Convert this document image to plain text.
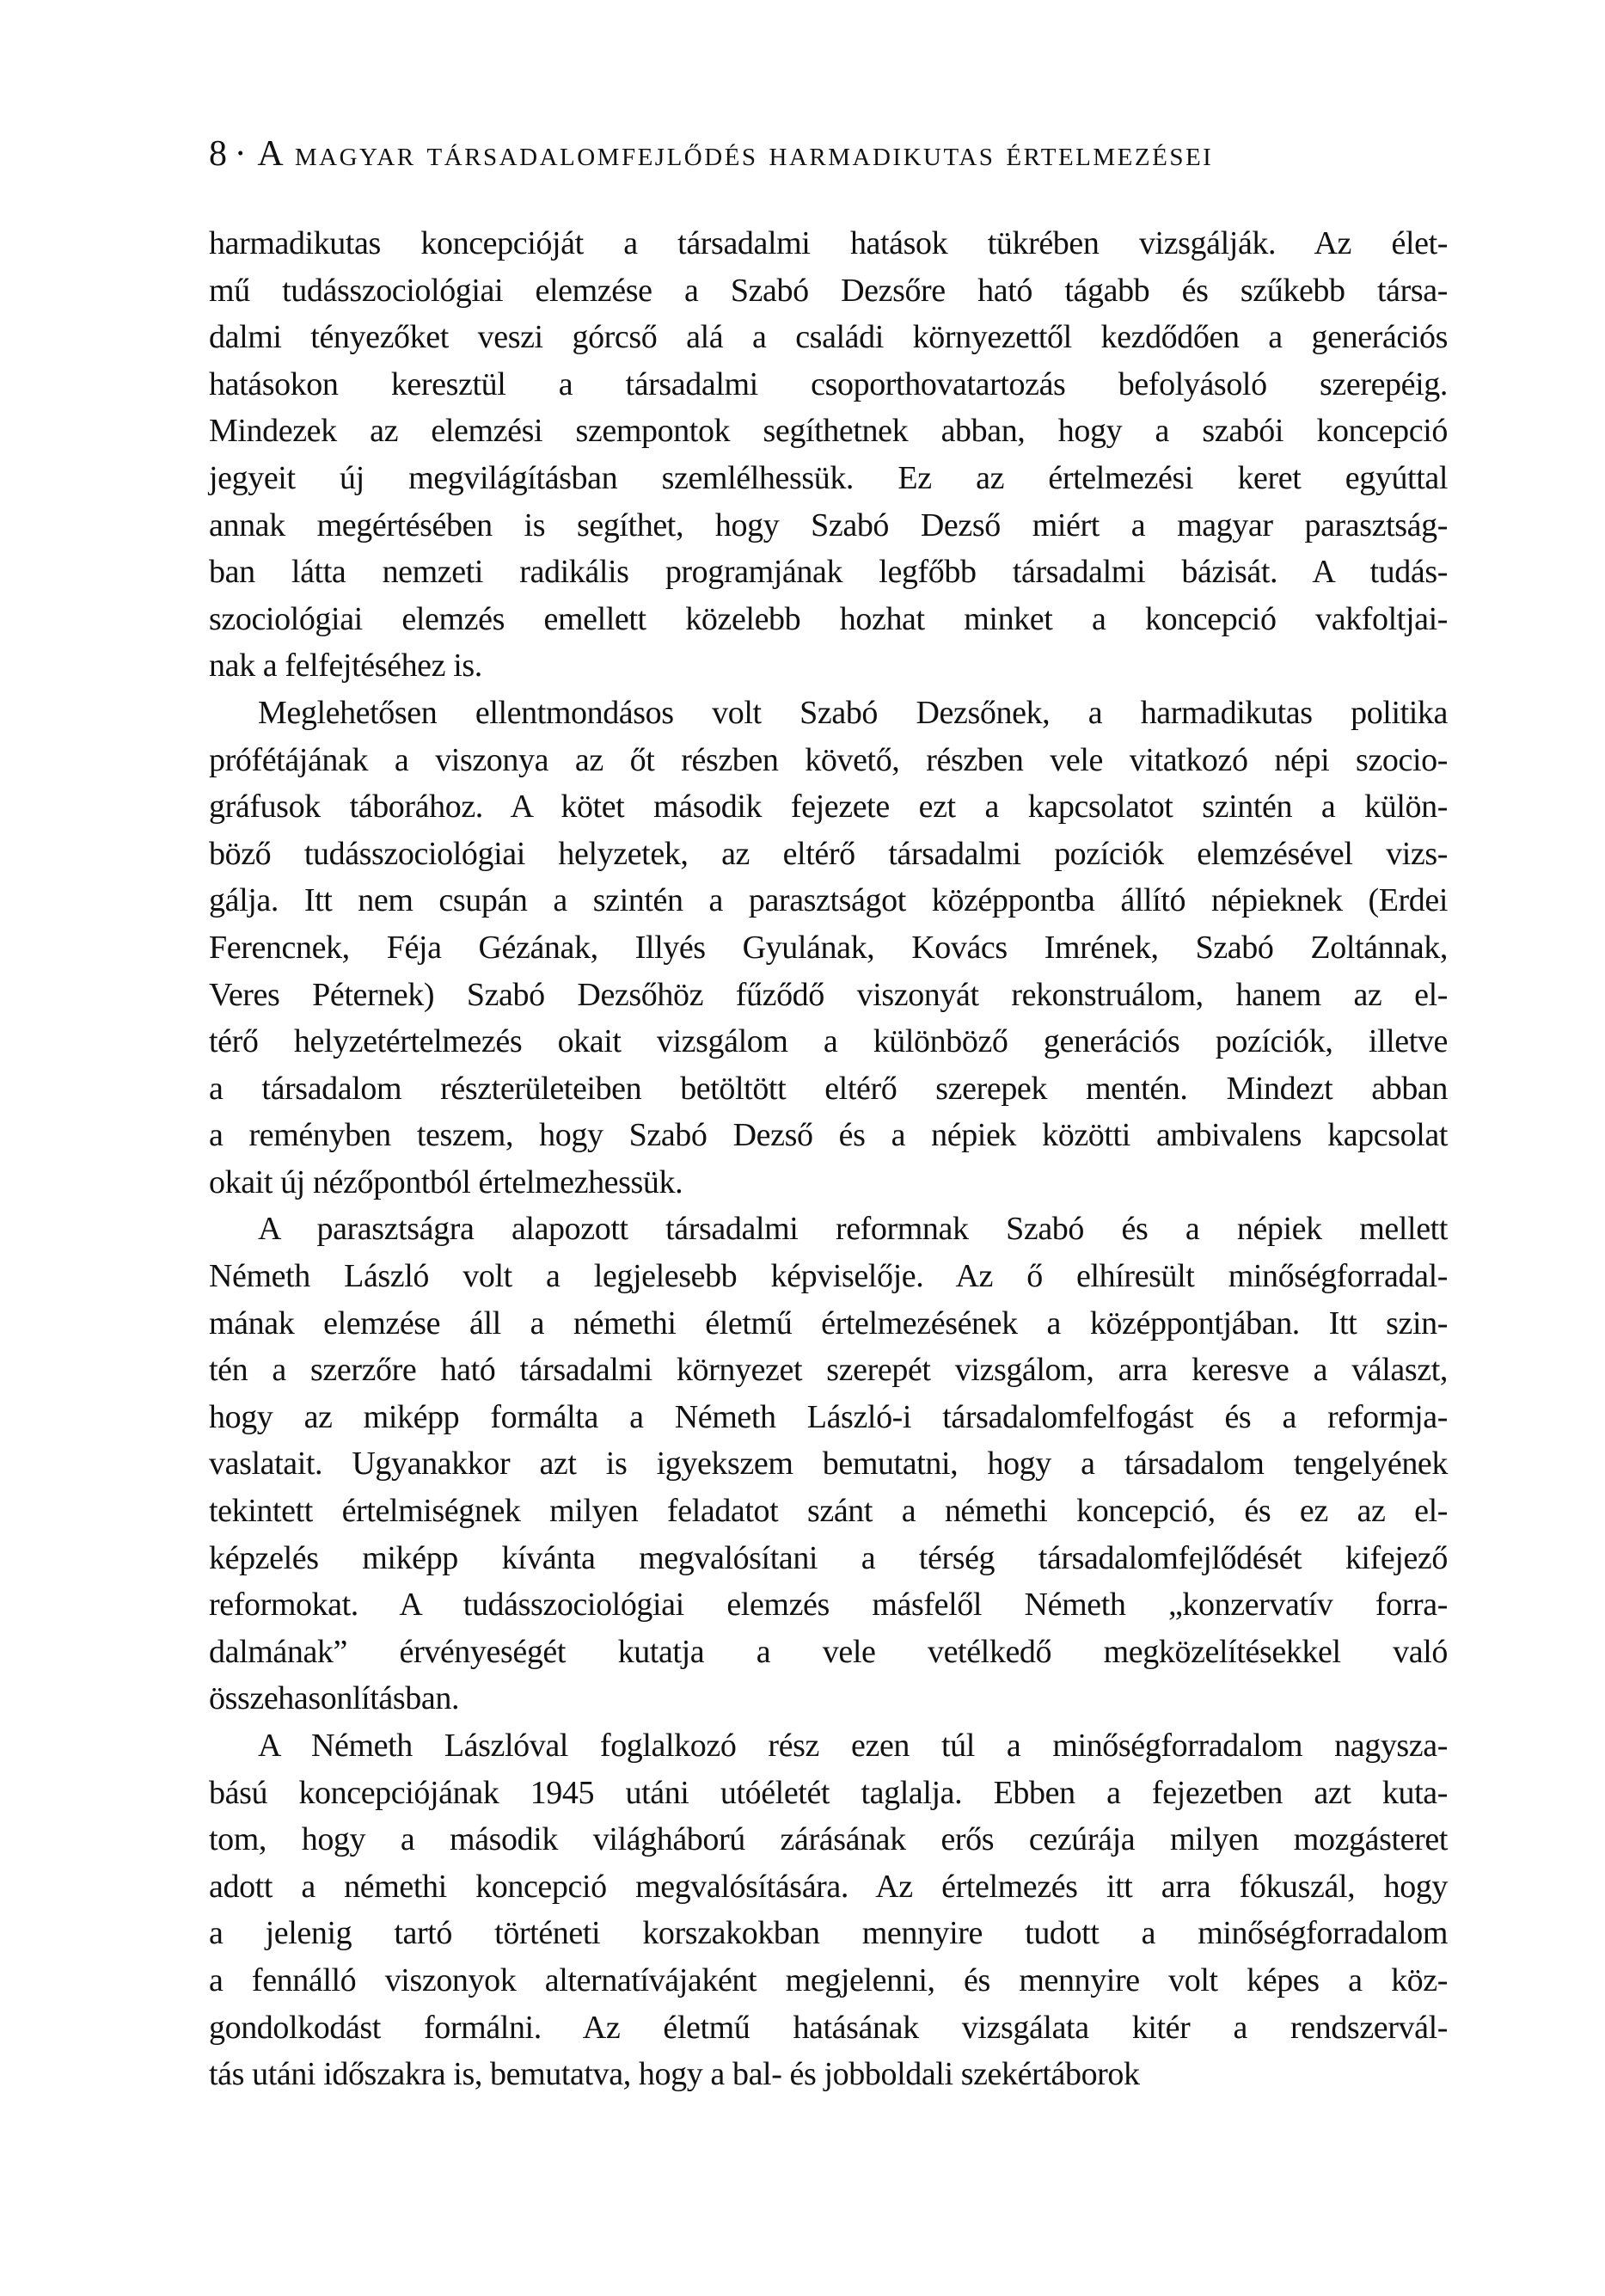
8 • A magyar társadalomfejlődés harmadikutas értelmezései
harmadikutas koncepcióját a társadalmi hatások tükrében vizsgálják. Az élet-
mű tudásszociológiai elemzése a Szabó Dezsőre ható tágabb és szűkebb társa-
dalmi tényezőket veszi górcső alá a családi környezettől kezdődően a generációs
hatásokon keresztül a társadalmi csoporthovatartozás befolyásoló szerepéig.
Mindezek az elemzési szempontok segíthetnek abban, hogy a szabói koncepció
jegyeit új megvilágításban szemlélhessük. Ez az értelmezési keret egyúttal
annak megértésében is segíthet, hogy Szabó Dezső miért a magyar parasztság-
ban látta nemzeti radikális programjának legfőbb társadalmi bázisát. A tudás-
szociológiai elemzés emellett közelebb hozhat minket a koncepció vakfoltjai-
nak a felfejtéséhez is.
Meglehetősen ellentmondásos volt Szabó Dezsőnek, a harmadikutas politika
prófétájának a viszonya az őt részben követő, részben vele vitatkozó népi szocio-
gráfusok táborához. A kötet második fejezete ezt a kapcsolatot szintén a külön-
böző tudásszociológiai helyzetek, az eltérő társadalmi pozíciók elemzésével vizs-
gálja. Itt nem csupán a szintén a parasztságot középpontba állító népieknek (Erdei
Ferencnek, Féja Gézának, Illyés Gyulának, Kovács Imrének, Szabó Zoltánnak,
Veres Péternek) Szabó Dezsőhöz fűződő viszonyát rekonstruálom, hanem az el-
térő helyzetértelmezés okait vizsgálom a különböző generációs pozíciók, illetve
a társadalom részterületeiben betöltött eltérő szerepek mentén. Mindezt abban
a reményben teszem, hogy Szabó Dezső és a népiek közötti ambivalens kapcsolat
okait új nézőpontból értelmezhessük.
A parasztságra alapozott társadalmi reformnak Szabó és a népiek mellett
Németh László volt a legjelesebb képviselője. Az ő elhíresült minőségforradal-
mának elemzése áll a némethi életmű értelmezésének a középpontjában. Itt szin-
tén a szerzőre ható társadalmi környezet szerepét vizsgálom, arra keresve a választ,
hogy az miképp formálta a Németh László-i társadalomfelfogást és a reformja-
vaslatait. Ugyanakkor azt is igyekszem bemutatni, hogy a társadalom tengelyének
tekintett értelmiségnek milyen feladatot szánt a némethi koncepció, és ez az el-
képzelés miképp kívánta megvalósítani a térség társadalomfejlődését kifejező
reformokat. A tudásszociológiai elemzés másfelől Németh „konzervatív forra-
dalmának” érvényeségét kutatja a vele vetélkedő megközelítésekkel való
összehasonlításban.
A Németh Lászlóval foglalkozó rész ezen túl a minőségforradalom nagysza-
bású koncepciójának 1945 utáni utóéletét taglalja. Ebben a fejezetben azt kuta-
tom, hogy a második világháború zárásának erős cezúrája milyen mozgásteret
adott a némethi koncepció megvalósítására. Az értelmezés itt arra fókuszál, hogy
a jelenig tartó történeti korszakokban mennyire tudott a minőségforradalom
a fennálló viszonyok alternatívájaként megjelenni, és mennyire volt képes a köz-
gondolkodást formálni. Az életmű hatásának vizsgálata kitér a rendszervál-
tás utáni időszakra is, bemutatva, hogy a bal- és jobboldali szekértáborok
